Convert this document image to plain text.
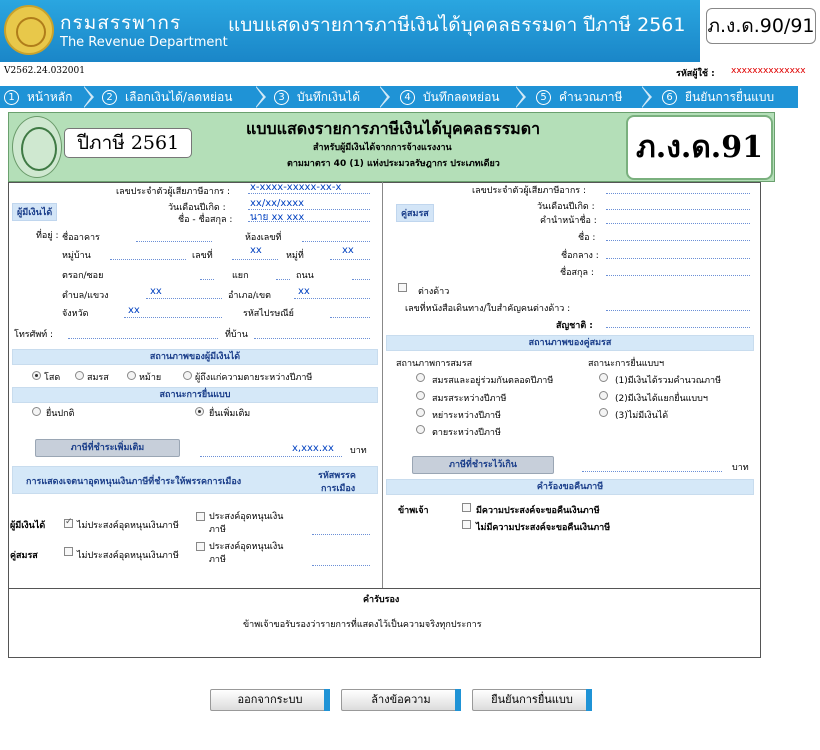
กรมสรรพากร
The Revenue Department
แบบแสดงรายการภาษีเงินได้บุคคลธรรมดา ปีภาษี 2561 ภ.ง.ด.90/91
V2562.24.032001	รหัสผู้ใช้ : xxxxxxxxxxxxxx
1 หน้าหลัก	2 เลือกเงินได้/ลดหย่อน	3 บันทึกเงินได้	4 บันทึกลดหย่อน	5 คำนวณภาษี	6 ยืนยันการยื่นแบบ
ปีภาษี 2561
แบบแสดงรายการภาษีเงินได้บุคคลธรรมดา
สำหรับผู้มีเงินได้จากการจ้างแรงงาน
ตามมาตรา 40 (1) แห่งประมวลรัษฎากร ประเภทเดียว	ภ.ง.ด.91
เลขประจำตัวผู้เสียภาษีอากร : x-xxxx-xxxxx-xx-x
ผู้มีเงินได้	วันเดือนปีเกิด : xx/xx/xxxx
ชื่อ - ชื่อสกุล : นาย xx xxx
ที่อยู่ : ชื่ออาคาร	ห้องเลขที่
หมู่บ้าน	เลขที่	xx	หมู่ที่	xx
ตรอก/ซอย	แยก	ถนน
ตำบล/แขวง	xx	อำเภอ/เขต	xx
จังหวัด	xx	รหัสไปรษณีย์
โทรศัพท์ :	ที่บ้าน
สถานภาพของผู้มีเงินได้
โสด	สมรส	หม้าย	ผู้ถึงแก่ความตายระหว่างปีภาษี
สถานะการยื่นแบบ
ยื่นปกติ	ยื่นเพิ่มเติม
ภาษีที่ชำระเพิ่มเติม	x,xxx.xx บาท
การแสดงเจตนาอุดหนุนเงินภาษีที่ชำระให้พรรคการเมือง
รหัสพรรค
การเมือง
ผู้มีเงินได้
✓	ไม่ประสงค์อุดหนุนเงินภาษี
ประสงค์อุดหนุนเงินภาษี
คู่สมรส	ไม่ประสงค์อุดหนุนเงินภาษี
ประสงค์อุดหนุนเงินภาษี
เลขประจำตัวผู้เสียภาษีอากร :
คู่สมรส
วันเดือนปีเกิด :
คำนำหน้าชื่อ :
ชื่อ :
ชื่อกลาง :
ชื่อสกุล :
ต่างด้าว
เลขที่หนังสือเดินทาง/ใบสำคัญคนต่างด้าว :
สัญชาติ :
สถานภาพของคู่สมรส
สถานภาพการสมรส	สถานะการยื่นแบบฯ
สมรสและอยู่ร่วมกันตลอดปีภาษี
สมรสระหว่างปีภาษี
หย่าระหว่างปีภาษี
ตายระหว่างปีภาษี
(1)มีเงินได้รวมคำนวณภาษี
(2)มีเงินได้แยกยื่นแบบฯ
(3)ไม่มีเงินได้
ภาษีที่ชำระไว้เกิน	บาท
คำร้องขอคืนภาษี
ข้าพเจ้า	มีความประสงค์จะขอคืนเงินภาษี
ไม่มีความประสงค์จะขอคืนเงินภาษี
คำรับรอง
ข้าพเจ้าขอรับรองว่ารายการที่แสดงไว้เป็นความจริงทุกประการ
ออกจากระบบ	ล้างข้อความ	ยืนยันการยื่นแบบ
